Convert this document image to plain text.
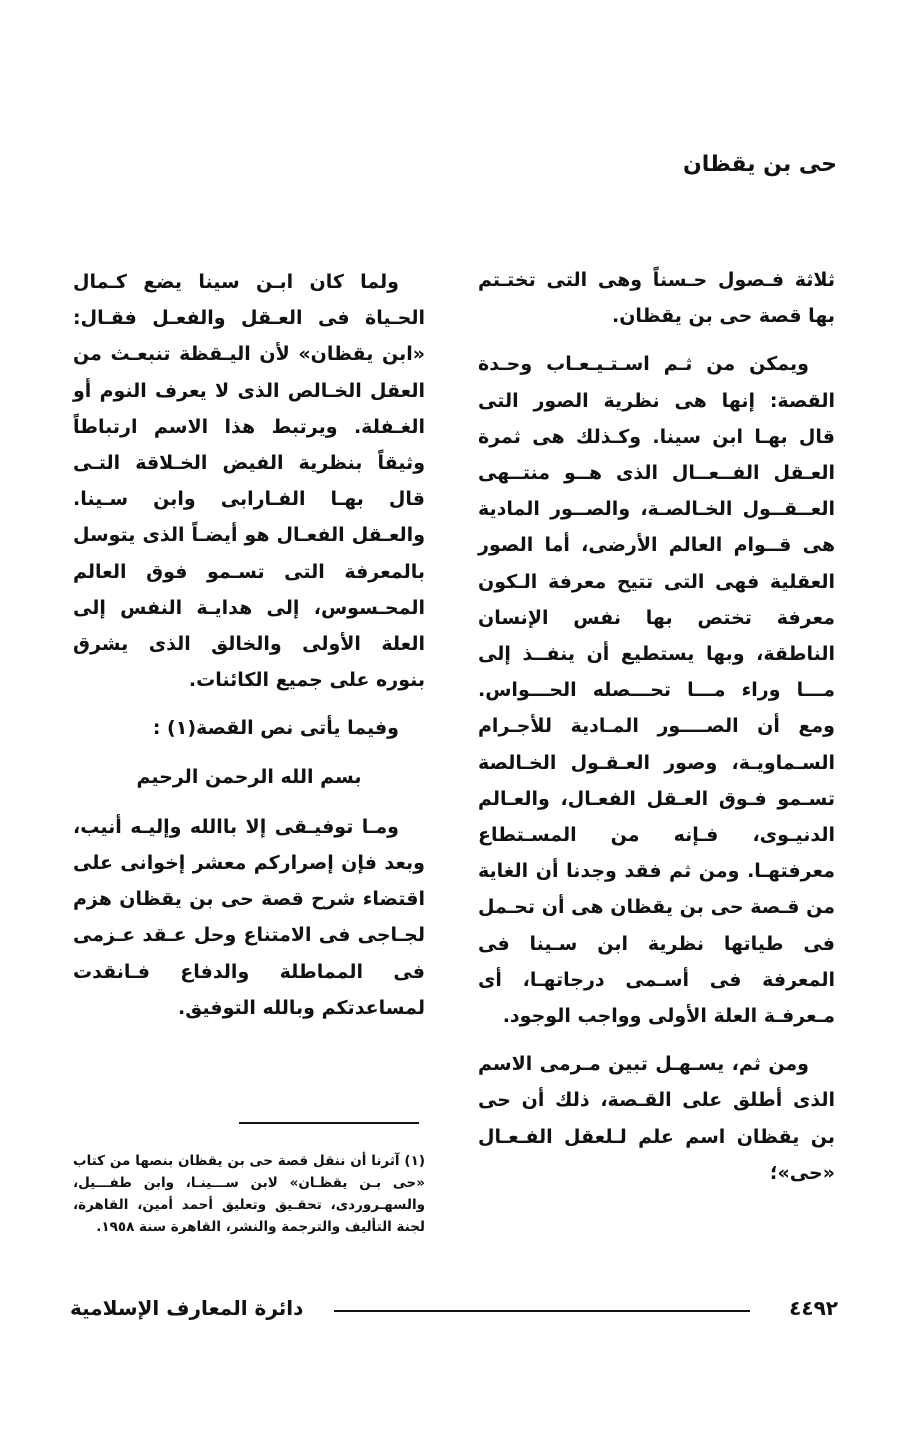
حى بن يقظان

ثلاثة فـصول حـسناً وهى التى تختـتم بها قصة حى بن يقظان.

ويمكن من ثـم اسـتـيـعـاب وحـدة القصة: إنها هى نظرية الصور التى قال بهـا ابن سينا. وكـذلك هى ثمرة العـقل الفــعــال الذى هــو منتــهى العــقــول الخـالصـة، والصــور المادية هى قــوام العالم الأرضى، أما الصور العقلية فهى التى تتيح معرفة الـكون معرفة تختص بها نفس الإنسان الناطقة، وبها يستطيع أن ينفــذ إلى مـــا وراء مـــا تحـــصله الحـــواس. ومع أن الصــــور المـادية للأجـرام السـماويـة، وصور العـقـول الخـالصة تسـمو فـوق العـقل الفعـال، والعـالم الدنيـوى، فـإنه من المسـتطاع معرفتهـا. ومن ثم فقد وجدنا أن الغاية من قـصة حى بن يقظان هى أن تحـمل فى طياتها نظرية ابن سـينا فى المعرفة فى أسـمى درجاتهـا، أى مـعرفـة العلة الأولى وواجب الوجود.

ومن ثم، يسـهـل تبين مـرمى الاسم الذى أطلق على القـصة، ذلك أن حى بن يقظان اسم علم لـلعقل الفـعـال «حى»؛

ولما كان ابـن سينا يضع كـمال الحـياة فى العـقل والفعـل فقـال: «ابن يقظان» لأن اليـقظة تنبعـث من العقل الخـالص الذى لا يعرف النوم أو الغـفلة. ويرتبط هذا الاسم ارتباطاً وثيقاً بنظرية الفيض الخـلاقة التـى قال بهـا الفـارابى وابن سـينا. والعـقل الفعـال هو أيضـاً الذى يتوسل بالمعرفة التى تسـمو فوق العالم المحـسوس، إلى هدايـة النفس إلى العلة الأولى والخالق الذى يشرق بنوره على جميع الكائنات.

وفيما يأتى نص القصة(١) :

بسم الله الرحمن الرحيم

ومـا توفيـقى إلا باالله وإليـه أنيب، وبعد فإن إصراركم معشر إخوانى على اقتضاء شرح قصة حى بن يقظان هزم لجـاجى فى الامتناع وحل عـقد عـزمى فى المماطلة والدفاع فـانقدت لمساعدتكم وبالله التوفيق.

(١) آثرنا أن ننقل قصة حى بن يقظان بنصها من كتاب «حى بـن يقظـان» لابن ســـينـا، وابن طفـــيل، والسهـروردى، تحقـيق وتعليق أحمد أمين، القاهرة، لجنة التأليف والترجمة والنشر، القاهرة سنة ١٩٥٨.
٤٤٩٢
دائرة المعارف الإسلامية
